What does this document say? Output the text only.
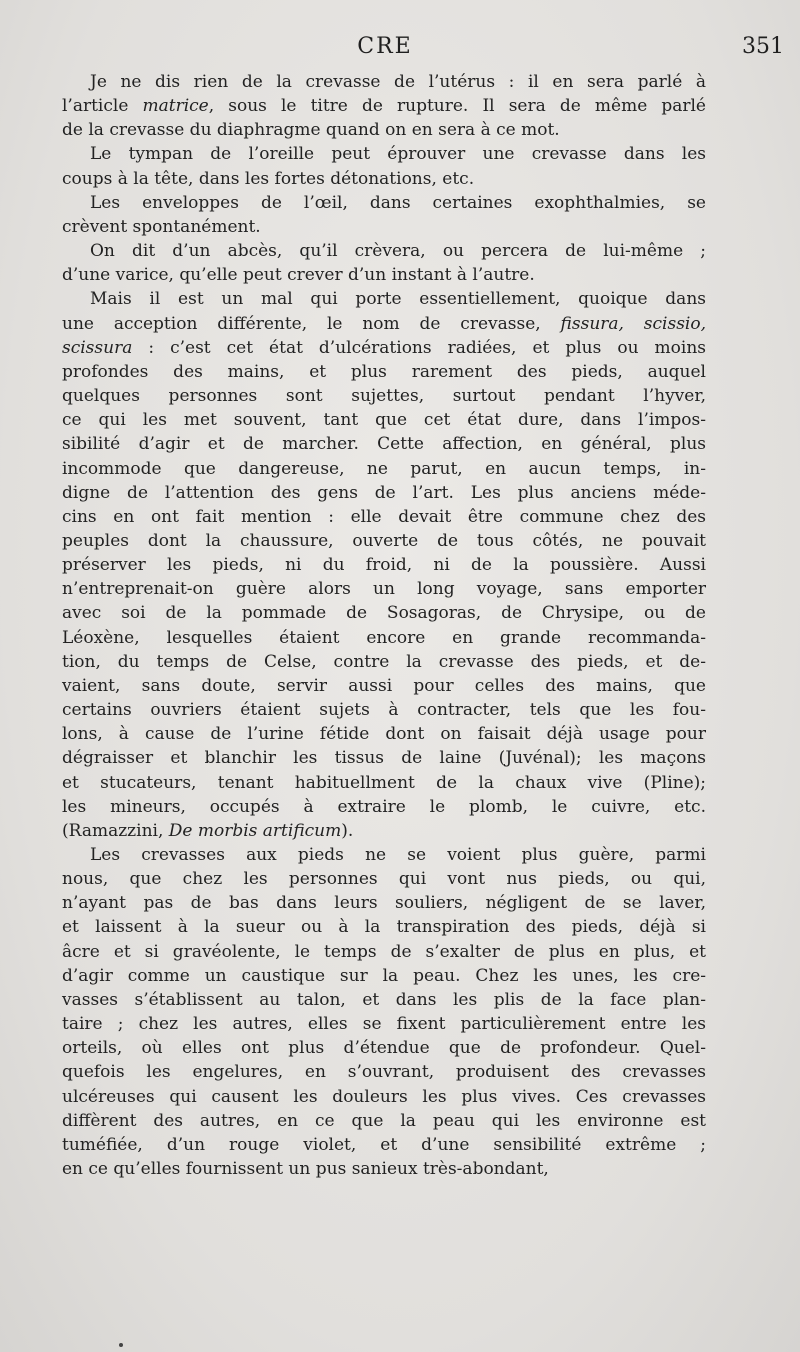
CRE	351
Je ne dis rien de la crevasse de l’utérus : il en sera parlé à
l’article matrice, sous le titre de rupture. Il sera de même parlé
de la crevasse du diaphragme quand on en sera à ce mot.
Le tympan de l’oreille peut éprouver une crevasse dans les
coups à la tête, dans les fortes détonations, etc.
Les enveloppes de l’œil, dans certaines exophthalmies, se
crèvent spontanément.
On dit d’un abcès, qu’il crèvera, ou percera de lui-même ;
d’une varice, qu’elle peut crever d’un instant à l’autre.
Mais il est un mal qui porte essentiellement, quoique dans
une acception différente, le nom de crevasse, fissura, scissio,
scissura : c’est cet état d’ulcérations radiées, et plus ou moins
profondes des mains, et plus rarement des pieds, auquel
quelques personnes sont sujettes, surtout pendant l’hyver,
ce qui les met souvent, tant que cet état dure, dans l’impos-
sibilité d’agir et de marcher. Cette affection, en général, plus
incommode que dangereuse, ne parut, en aucun temps, in-
digne de l’attention des gens de l’art. Les plus anciens méde-
cins en ont fait mention : elle devait être commune chez des
peuples dont la chaussure, ouverte de tous côtés, ne pouvait
préserver les pieds, ni du froid, ni de la poussière. Aussi
n’entreprenait-on guère alors un long voyage, sans emporter
avec soi de la pommade de Sosagoras, de Chrysipe, ou de
Léoxène, lesquelles étaient encore en grande recommanda-
tion, du temps de Celse, contre la crevasse des pieds, et de-
vaient, sans doute, servir aussi pour celles des mains, que
certains ouvriers étaient sujets à contracter, tels que les fou-
lons, à cause de l’urine fétide dont on faisait déjà usage pour
dégraisser et blanchir les tissus de laine (Juvénal); les maçons
et stucateurs, tenant habituellment de la chaux vive (Pline);
les mineurs, occupés à extraire le plomb, le cuivre, etc.
(Ramazzini, De morbis artificum).
Les crevasses aux pieds ne se voient plus guère, parmi
nous, que chez les personnes qui vont nus pieds, ou qui,
n’ayant pas de bas dans leurs souliers, négligent de se laver,
et laissent à la sueur ou à la transpiration des pieds, déjà si
âcre et si gravéolente, le temps de s’exalter de plus en plus, et
d’agir comme un caustique sur la peau. Chez les unes, les cre-
vasses s’établissent au talon, et dans les plis de la face plan-
taire ; chez les autres, elles se fixent particulièrement entre les
orteils, où elles ont plus d’étendue que de profondeur. Quel-
quefois les engelures, en s’ouvrant, produisent des crevasses
ulcéreuses qui causent les douleurs les plus vives. Ces crevasses
diffèrent des autres, en ce que la peau qui les environne est
tuméfiée, d’un rouge violet, et d’une sensibilité extrême ;
en ce qu’elles fournissent un pus sanieux très-abondant,
